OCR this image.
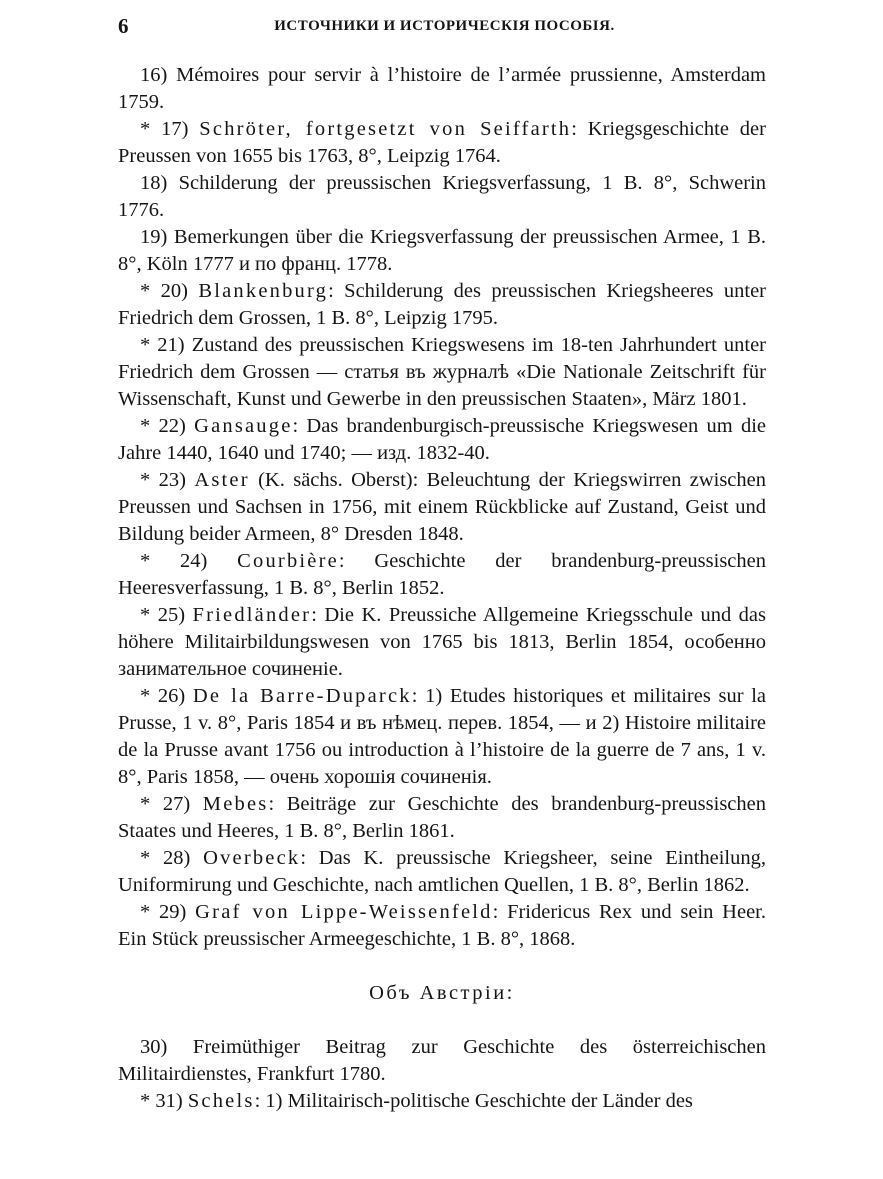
6	ИСТОЧНИКИ И ИСТОРИЧЕСКІЯ ПОСОБІЯ.

16) Mémoires pour servir à l’histoire de l’armée prussienne, Amsterdam 1759.

* 17) Schröter, fortgesetzt von Seiffarth: Kriegsgeschichte der Preussen von 1655 bis 1763, 8°, Leipzig 1764.

18) Schilderung der preussischen Kriegsverfassung, 1 B. 8°, Schwerin 1776.

19) Bemerkungen über die Kriegsverfassung der preussischen Armee, 1 B. 8°, Köln 1777 и по франц. 1778.

* 20) Blankenburg: Schilderung des preussischen Kriegsheeres unter Friedrich dem Grossen, 1 B. 8°, Leipzig 1795.

* 21) Zustand des preussischen Kriegswesens im 18-ten Jahrhundert unter Friedrich dem Grossen — статья въ журналѣ «Die Nationale Zeitschrift für Wissenschaft, Kunst und Gewerbe in den preussischen Staaten», März 1801.

* 22) Gansauge: Das brandenburgisch-preussische Kriegswesen um die Jahre 1440, 1640 und 1740; — изд. 1832-40.

* 23) Aster (K. sächs. Oberst): Beleuchtung der Kriegswirren zwischen Preussen und Sachsen in 1756, mit einem Rückblicke auf Zustand, Geist und Bildung beider Armeen, 8° Dresden 1848.

* 24) Courbière: Geschichte der brandenburg-preussischen Heeresverfassung, 1 B. 8°, Berlin 1852.

* 25) Friedländer: Die K. Preussiche Allgemeine Kriegsschule und das höhere Militairbildungswesen von 1765 bis 1813, Berlin 1854, особенно занимательное сочиненіе.

* 26) De la Barre-Duparck: 1) Etudes historiques et militaires sur la Prusse, 1 v. 8°, Paris 1854 и въ нѣмец. перев. 1854, — и 2) Histoire militaire de la Prusse avant 1756 ou introduction à l’histoire de la guerre de 7 ans, 1 v. 8°, Paris 1858, — очень хорошія сочиненія.

* 27) Mebes: Beiträge zur Geschichte des brandenburg-preussischen Staates und Heeres, 1 B. 8°, Berlin 1861.

* 28) Overbeck: Das K. preussische Kriegsheer, seine Eintheilung, Uniformirung und Geschichte, nach amtlichen Quellen, 1 B. 8°, Berlin 1862.

* 29) Graf von Lippe-Weissenfeld: Fridericus Rex und sein Heer. Ein Stück preussischer Armeegeschichte, 1 B. 8°, 1868.

Объ Австріи:

30) Freimüthiger Beitrag zur Geschichte des österreichischen Militairdienstes, Frankfurt 1780.

* 31) Schels: 1) Militairisch-politische Geschichte der Länder des
